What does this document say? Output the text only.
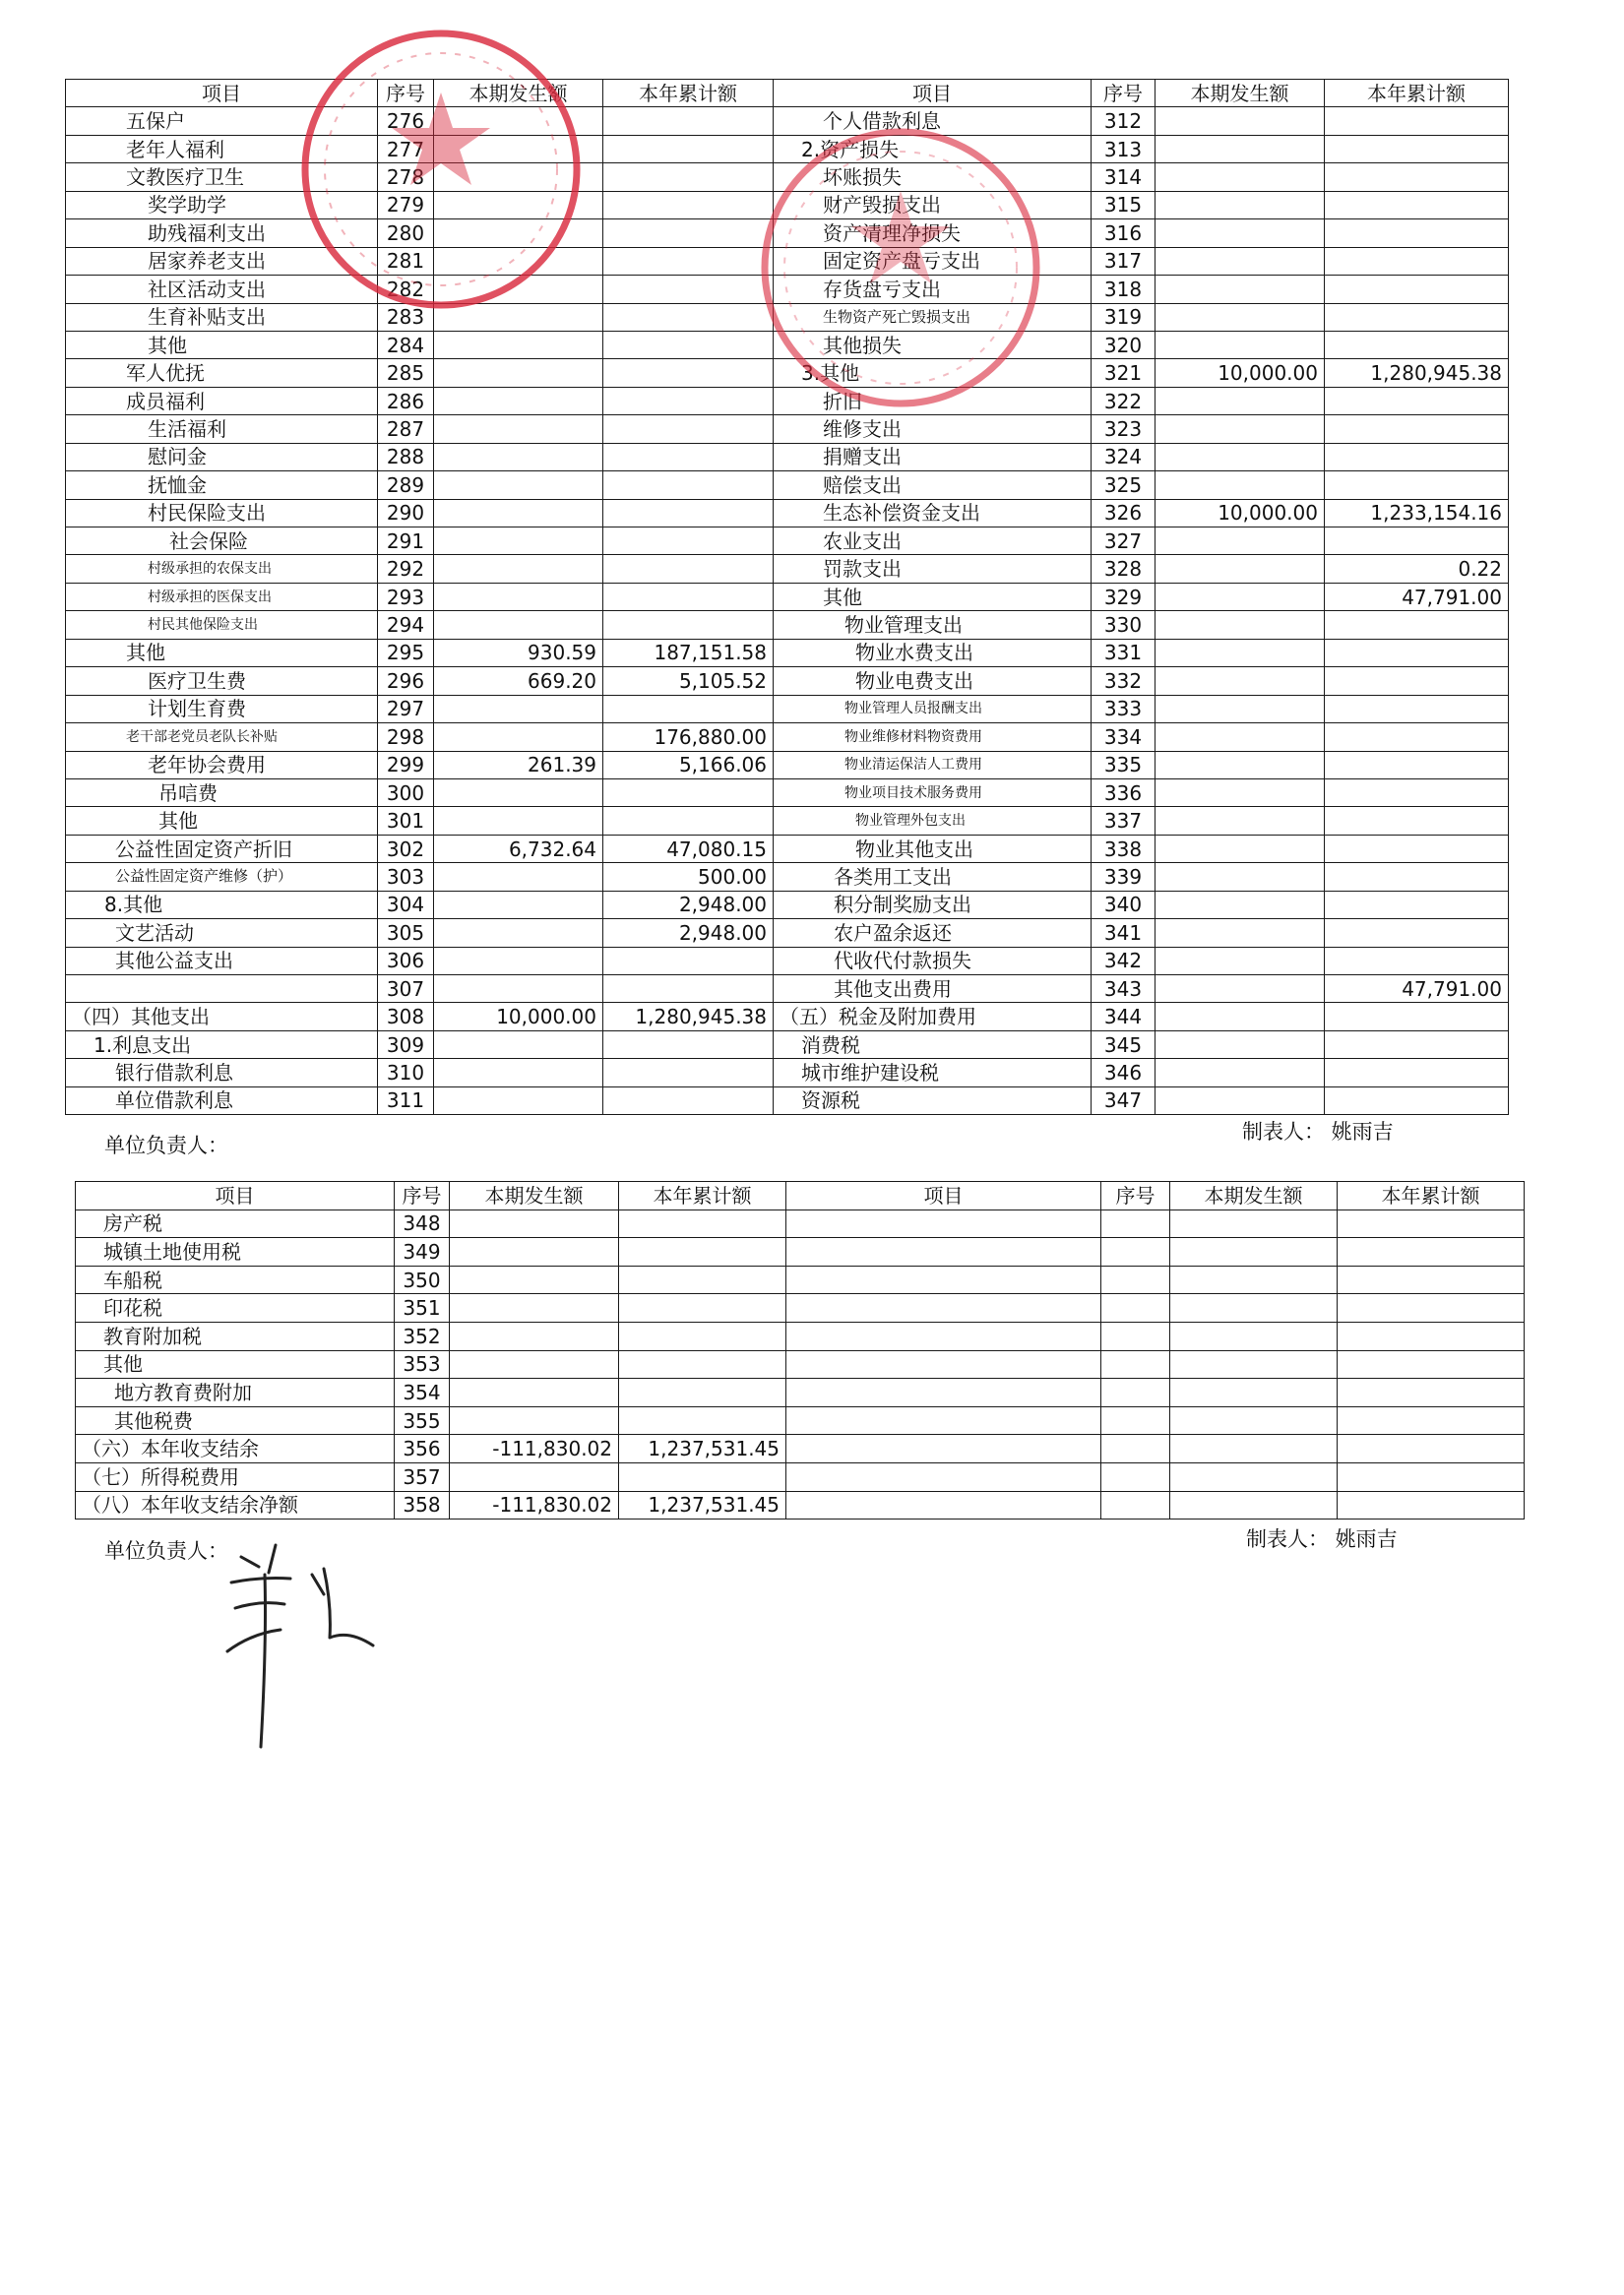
项目	序号	本期发生额	本年累计额	项目	序号	本期发生额	本年累计额
五保户	276			个人借款利息	312		
老年人福利	277			2.资产损失	313		
文教医疗卫生	278			坏账损失	314		
奖学助学	279			财产毁损支出	315		
助残福利支出	280			资产清理净损失	316		
居家养老支出	281			固定资产盘亏支出	317		
社区活动支出	282			存货盘亏支出	318		
生育补贴支出	283			生物资产死亡毁损支出	319		
其他	284			其他损失	320		
军人优抚	285			3.其他	321	10,000.00	1,280,945.38
成员福利	286			折旧	322		
生活福利	287			维修支出	323		
慰问金	288			捐赠支出	324		
抚恤金	289			赔偿支出	325		
村民保险支出	290			生态补偿资金支出	326	10,000.00	1,233,154.16
社会保险	291			农业支出	327		
村级承担的农保支出	292			罚款支出	328		0.22
村级承担的医保支出	293			其他	329		47,791.00
村民其他保险支出	294			物业管理支出	330		
其他	295	930.59	187,151.58	物业水费支出	331		
医疗卫生费	296	669.20	5,105.52	物业电费支出	332		
计划生育费	297			物业管理人员报酬支出	333		
老干部老党员老队长补贴	298		176,880.00	物业维修材料物资费用	334		
老年协会费用	299	261.39	5,166.06	物业清运保洁人工费用	335		
吊唁费	300			物业项目技术服务费用	336		
其他	301			物业管理外包支出	337		
公益性固定资产折旧	302	6,732.64	47,080.15	物业其他支出	338		
公益性固定资产维修（护）	303		500.00	各类用工支出	339		
8.其他	304		2,948.00	积分制奖励支出	340		
文艺活动	305		2,948.00	农户盈余返还	341		
其他公益支出	306			代收代付款损失	342		
	307			其他支出费用	343		47,791.00
（四）其他支出	308	10,000.00	1,280,945.38	（五）税金及附加费用	344		
1.利息支出	309			消费税	345		
银行借款利息	310			城市维护建设税	346		
单位借款利息	311			资源税	347		
单位负责人：
制表人： 姚雨吉
项目	序号	本期发生额	本年累计额	项目	序号	本期发生额	本年累计额
房产税	348						
城镇土地使用税	349						
车船税	350						
印花税	351						
教育附加税	352						
其他	353						
地方教育费附加	354						
其他税费	355						
（六）本年收支结余	356	-111,830.02	1,237,531.45				
（七）所得税费用	357						
（八）本年收支结余净额	358	-111,830.02	1,237,531.45				
单位负责人：	制表人： 姚雨吉
